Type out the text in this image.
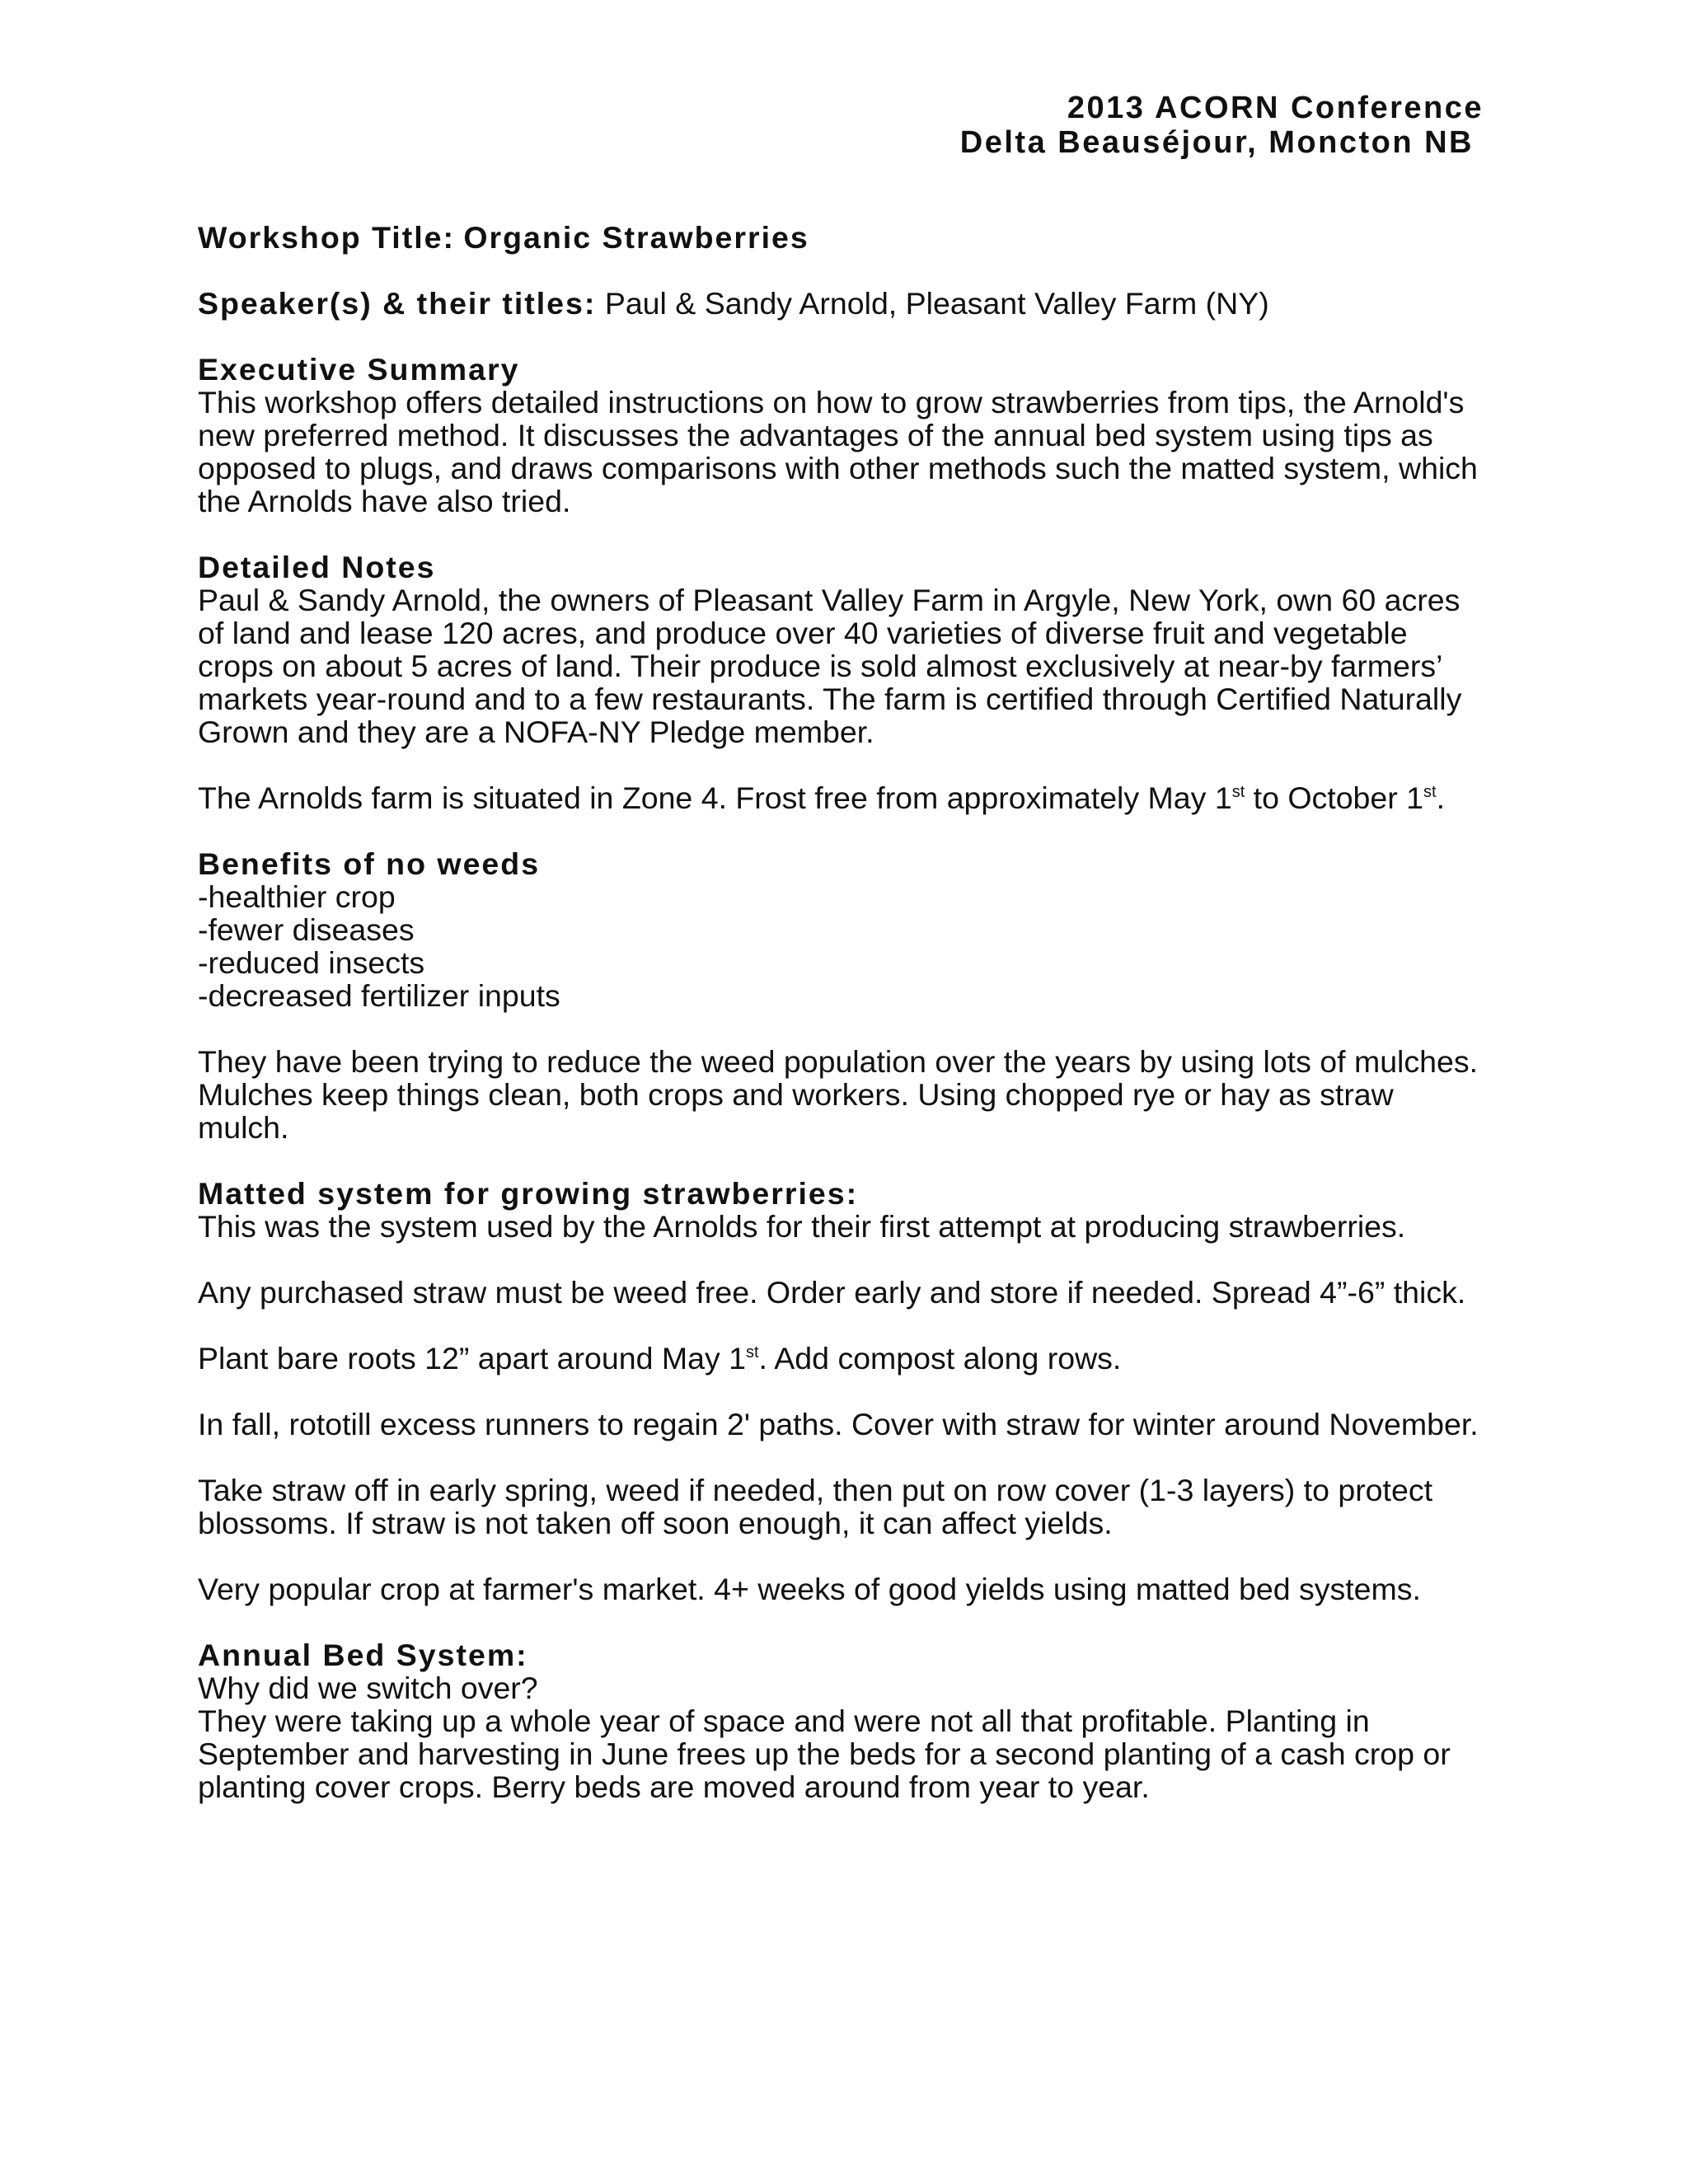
2013 ACORN Conference
Delta Beauséjour, Moncton NB

Workshop Title: Organic Strawberries

Speaker(s) & their titles: Paul & Sandy Arnold, Pleasant Valley Farm (NY)

Executive Summary

This workshop offers detailed instructions on how to grow strawberries from tips, the Arnold's new preferred method. It discusses the advantages of the annual bed system using tips as opposed to plugs, and draws comparisons with other methods such the matted system, which the Arnolds have also tried.

Detailed Notes

Paul & Sandy Arnold, the owners of Pleasant Valley Farm in Argyle, New York, own 60 acres of land and lease 120 acres, and produce over 40 varieties of diverse fruit and vegetable crops on about 5 acres of land. Their produce is sold almost exclusively at near-by farmers’ markets year-round and to a few restaurants. The farm is certified through Certified Naturally Grown and they are a NOFA-NY Pledge member.

The Arnolds farm is situated in Zone 4. Frost free from approximately May 1st to October 1st.

Benefits of no weeds

-healthier crop
-fewer diseases
-reduced insects
-decreased fertilizer inputs

They have been trying to reduce the weed population over the years by using lots of mulches. Mulches keep things clean, both crops and workers. Using chopped rye or hay as straw mulch.

Matted system for growing strawberries:

This was the system used by the Arnolds for their first attempt at producing strawberries.

Any purchased straw must be weed free. Order early and store if needed. Spread 4”-6” thick.

Plant bare roots 12” apart around May 1st. Add compost along rows.

In fall, rototill excess runners to regain 2' paths. Cover with straw for winter around November.

Take straw off in early spring, weed if needed, then put on row cover (1-3 layers) to protect blossoms. If straw is not taken off soon enough, it can affect yields.

Very popular crop at farmer's market. 4+ weeks of good yields using matted bed systems.

Annual Bed System:

Why did we switch over?

They were taking up a whole year of space and were not all that profitable. Planting in September and harvesting in June frees up the beds for a second planting of a cash crop or planting cover crops. Berry beds are moved around from year to year.
